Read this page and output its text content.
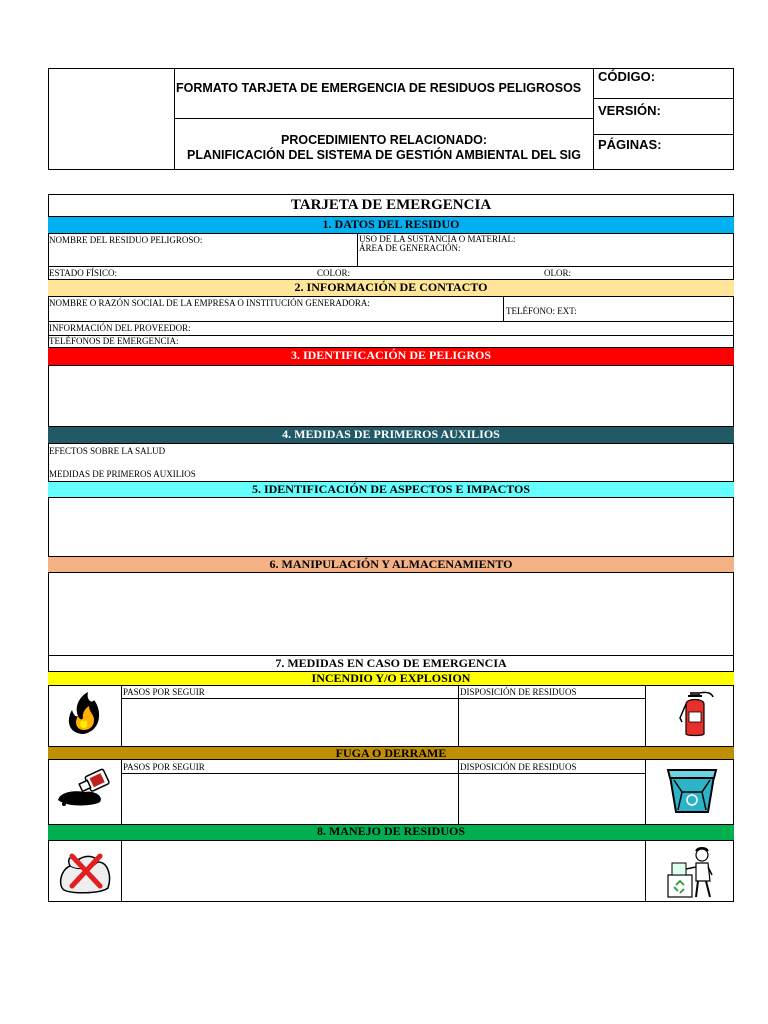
FORMATO TARJETA DE EMERGENCIA DE RESIDUOS PELIGROSOS
PROCEDIMIENTO RELACIONADO:
PLANIFICACIÓN DEL SISTEMA DE GESTIÓN AMBIENTAL DEL SIG
CÓDIGO:
VERSIÓN:
PÁGINAS:
TARJETA DE EMERGENCIA
1. DATOS DEL RESIDUO
NOMBRE DEL RESIDUO PELIGROSO:	USO DE LA SUSTANCIA O MATERIAL:
ÁREA DE GENERACIÓN:
ESTADO FÍSICO:	COLOR:	OLOR:
2. INFORMACIÓN DE CONTACTO
NOMBRE O RAZÓN SOCIAL DE LA EMPRESA O INSTITUCIÓN GENERADORA:
TELÉFONO: EXT:
INFORMACIÓN DEL PROVEEDOR:
TELÉFONOS DE EMERGENCIA:
3. IDENTIFICACIÓN DE PELIGROS
4. MEDIDAS DE PRIMEROS AUXILIOS
EFECTOS SOBRE LA SALUD
MEDIDAS DE PRIMEROS AUXILIOS
5. IDENTIFICACIÓN DE ASPECTOS E IMPACTOS
6. MANIPULACIÓN Y ALMACENAMIENTO
7. MEDIDAS EN CASO DE EMERGENCIA
INCENDIO Y/O EXPLOSION
PASOS POR SEGUIR	DISPOSICIÓN DE RESIDUOS
FUGA O DERRAME
PASOS POR SEGUIR	DISPOSICIÓN DE RESIDUOS
8. MANEJO DE RESIDUOS
